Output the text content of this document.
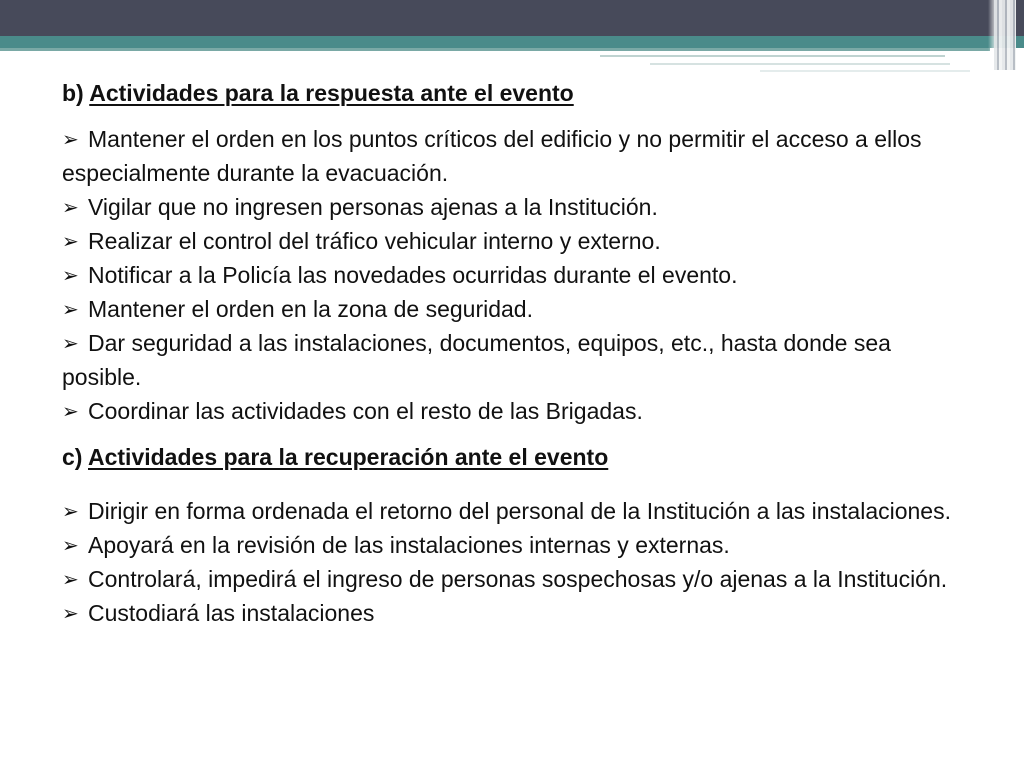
b) Actividades para la respuesta ante el evento

➢ Mantener el orden en los puntos críticos del edificio y no permitir el acceso a ellos especialmente durante la evacuación.
➢ Vigilar que no ingresen personas ajenas a la Institución.
➢ Realizar el control del tráfico vehicular interno y externo.
➢ Notificar a la Policía las novedades ocurridas durante el evento.
➢ Mantener el orden en la zona de seguridad.
➢ Dar seguridad a las instalaciones, documentos, equipos, etc., hasta donde sea posible.
➢ Coordinar las actividades con el resto de las Brigadas.

c) Actividades para la recuperación ante el evento

➢ Dirigir en forma ordenada el retorno del personal de la Institución a las instalaciones.
➢ Apoyará en la revisión de las instalaciones internas y externas.
➢ Controlará, impedirá el ingreso de personas sospechosas y/o ajenas a la Institución.
➢ Custodiará las instalaciones
